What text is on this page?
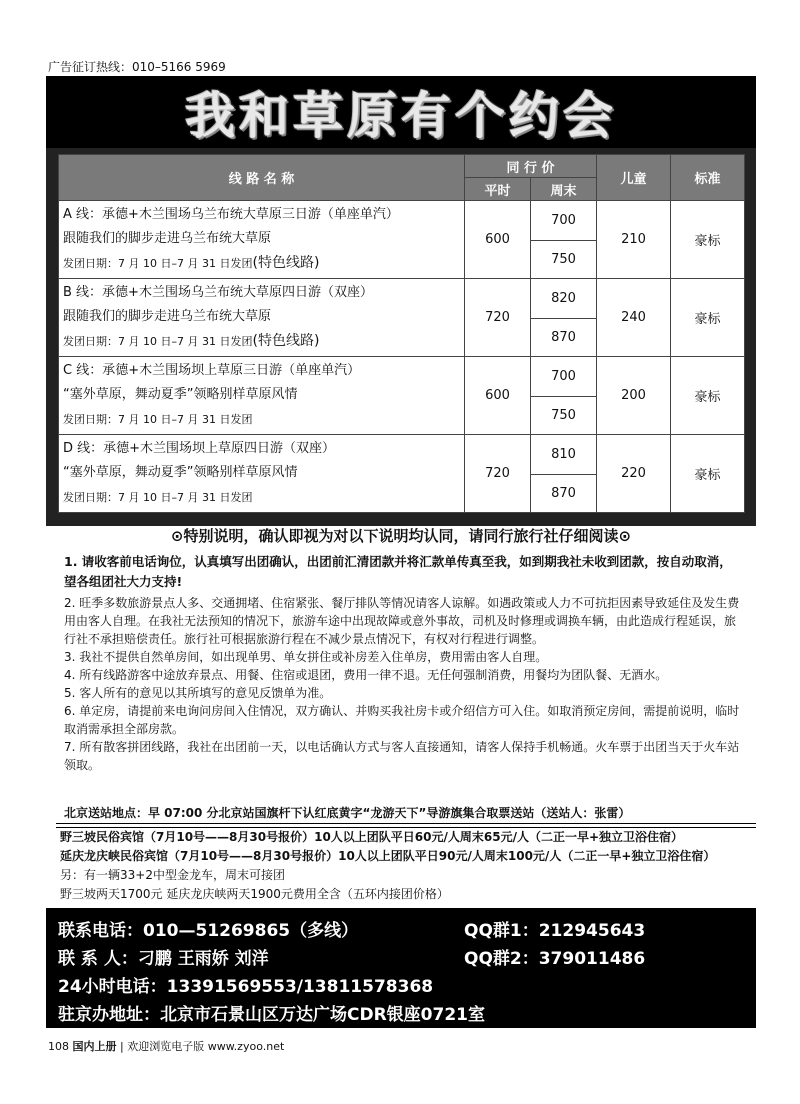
广告征订热线：010–5166 5969
我和草原有个约会
线 路 名 称	同 行 价		儿童	标准
	平时	周末		

A 线：承德+木兰围场乌兰布统大草原三日游（单座单汽）
跟随我们的脚步走进乌兰布统大草原
发团日期：7 月 10 日–7 月 31 日发团(特色线路)	600	700	210	豪标
		750		

B 线：承德+木兰围场乌兰布统大草原四日游（双座）
跟随我们的脚步走进乌兰布统大草原
发团日期：7 月 10 日–7 月 31 日发团(特色线路)	720	820	240	豪标
		870		

C 线：承德+木兰围场坝上草原三日游（单座单汽）
“塞外草原，舞动夏季”领略别样草原风情
发团日期：7 月 10 日–7 月 31 日发团	600	700	200	豪标
		750		

D 线：承德+木兰围场坝上草原四日游（双座）
“塞外草原，舞动夏季”领略别样草原风情
发团日期：7 月 10 日–7 月 31 日发团	720	810	220	豪标
		870		
⊙特别说明，确认即视为对以下说明均认同，请同行旅行社仔细阅读⊙

1. 请收客前电话询位，认真填写出团确认，出团前汇清团款并将汇款单传真至我，如到期我社未收到团款，按自动取消，望各组团社大力支持!

2. 旺季多数旅游景点人多、交通拥堵、住宿紧张、餐厅排队等情况请客人谅解。如遇政策或人力不可抗拒因素导致延住及发生费用由客人自理。在我社无法预知的情况下，旅游车途中出现故障或意外事故，司机及时修理或调换车辆，由此造成行程延误，旅行社不承担赔偿责任。旅行社可根据旅游行程在不减少景点情况下，有权对行程进行调整。

3. 我社不提供自然单房间，如出现单男、单女拼住或补房差入住单房，费用需由客人自理。

4. 所有线路游客中途放弃景点、用餐、住宿或退团，费用一律不退。无任何强制消费，用餐均为团队餐、无酒水。

5. 客人所有的意见以其所填写的意见反馈单为准。

6. 单定房，请提前来电询问房间入住情况，双方确认、并购买我社房卡或介绍信方可入住。如取消预定房间，需提前说明，临时取消需承担全部房款。

7. 所有散客拼团线路，我社在出团前一天，以电话确认方式与客人直接通知，请客人保持手机畅通。火车票于出团当天于火车站领取。

北京送站地点：早 07:00 分北京站国旗杆下认红底黄字“龙游天下”导游旗集合取票送站（送站人：张雷）
野三坡民俗宾馆（7月10号——8月30号报价）10人以上团队平日60元/人周末65元/人（二正一早+独立卫浴住宿）
延庆龙庆峡民俗宾馆（7月10号——8月30号报价）10人以上团队平日90元/人周末100元/人（二正一早+独立卫浴住宿）
另：有一辆33+2中型金龙车，周末可接团
野三坡两天1700元 延庆龙庆峡两天1900元费用全含（五环内接团价格）
联系电话：010—51269865（多线）	QQ群1：212945643
联 系 人：刁鹏 王雨娇 刘洋	QQ群2：379011486
24小时电话：13391569553/13811578368
驻京办地址：北京市石景山区万达广场CDR银座0721室
108 国内上册 | 欢迎浏览电子版 www.zyoo.net
